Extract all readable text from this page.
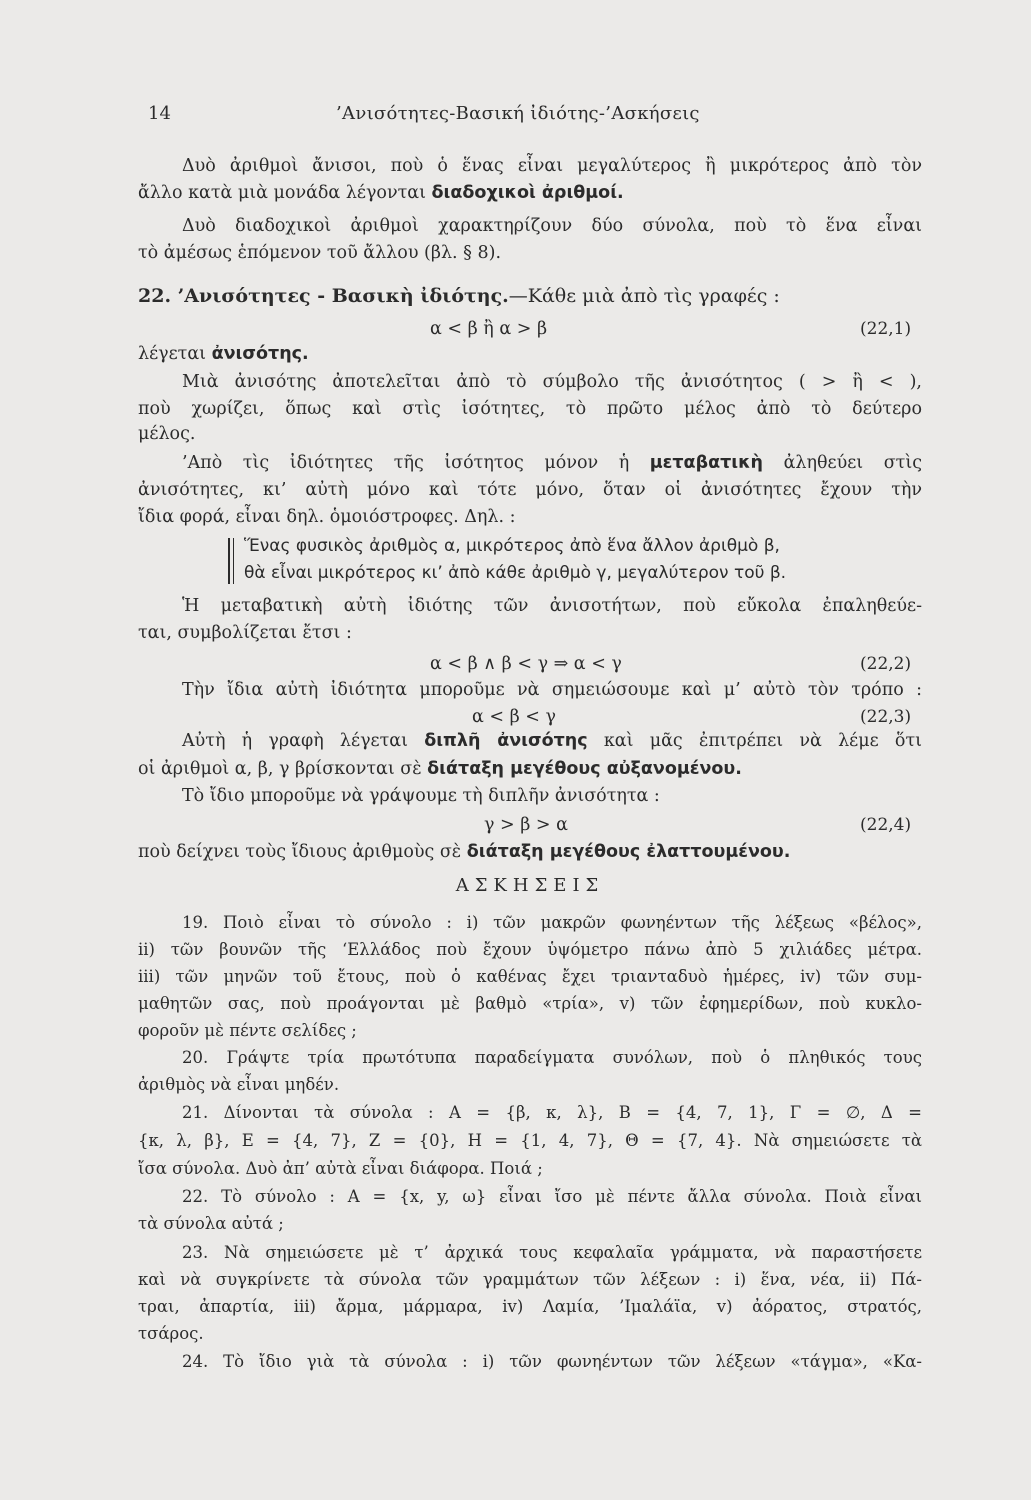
14	’Ανισότητες-Βασική ἰδιότης-’Ασκήσεις
Δυὸ ἀριθμοὶ ἄνισοι, ποὺ ὁ ἕνας εἶναι μεγαλύτερος ἢ μικρότερος ἀπὸ τὸν
ἄλλο κατὰ μιὰ μονάδα λέγονται διαδοχικοὶ ἀριθμοί.
Δυὸ διαδοχικοὶ ἀριθμοὶ χαρακτηρίζουν δύο σύνολα, ποὺ τὸ ἕνα εἶναι
τὸ ἀμέσως ἑπόμενον τοῦ ἄλλου (βλ. § 8).
22. ’Ανισότητες - Βασικὴ ἰδιότης.—Κάθε μιὰ ἀπὸ τὶς γραφές :
α < β ἢ α > β	(22,1)
λέγεται ἀνισότης.
Μιὰ ἀνισότης ἀποτελεῖται ἀπὸ τὸ σύμβολο τῆς ἀνισότητος ( > ἢ < ),
ποὺ χωρίζει, ὅπως καὶ στὶς ἰσότητες, τὸ πρῶτο μέλος ἀπὸ τὸ δεύτερο
μέλος.
’Απὸ τὶς ἰδιότητες τῆς ἰσότητος μόνον ἡ μεταβατικὴ ἀληθεύει στὶς
ἀνισότητες, κι’ αὐτὴ μόνο καὶ τότε μόνο, ὅταν οἱ ἀνισότητες ἔχουν τὴν
ἴδια φορά, εἶναι δηλ. ὁμοιόστροφες. Δηλ. :
Ἕνας φυσικὸς ἀριθμὸς α, μικρότερος ἀπὸ ἕνα ἄλλον ἀριθμὸ β,
θὰ εἶναι μικρότερος κι’ ἀπὸ κάθε ἀριθμὸ γ, μεγαλύτερον τοῦ β.
Ἡ μεταβατικὴ αὐτὴ ἰδιότης τῶν ἀνισοτήτων, ποὺ εὔκολα ἐπαληθεύε-
ται, συμβολίζεται ἔτσι :
α < β ∧ β < γ ⇒ α < γ	(22,2)
Τὴν ἴδια αὐτὴ ἰδιότητα μποροῦμε νὰ σημειώσουμε καὶ μ’ αὐτὸ τὸν τρόπο :
α < β < γ	(22,3)
Αὐτὴ ἡ γραφὴ λέγεται διπλῆ ἀνισότης καὶ μᾶς ἐπιτρέπει νὰ λέμε ὅτι
οἱ ἀριθμοὶ α, β, γ βρίσκονται σὲ διάταξη μεγέθους αὐξανομένου.
Τὸ ἴδιο μποροῦμε νὰ γράψουμε τὴ διπλῆν ἀνισότητα :
γ > β > α	(22,4)
ποὺ δείχνει τοὺς ἴδιους ἀριθμοὺς σὲ διάταξη μεγέθους ἐλαττουμένου.
ΑΣΚΗΣΕΙΣ
19. Ποιὸ εἶναι τὸ σύνολο : i) τῶν μακρῶν φωνηέντων τῆς λέξεως «βέλος»,
ii) τῶν βουνῶν τῆς ‘Ελλάδος ποὺ ἔχουν ὑψόμετρο πάνω ἀπὸ 5 χιλιάδες μέτρα.
iii) τῶν μηνῶν τοῦ ἔτους, ποὺ ὁ καθένας ἔχει τριανταδυὸ ἡμέρες, iv) τῶν συμ-
μαθητῶν σας, ποὺ προάγονται μὲ βαθμὸ «τρία», v) τῶν ἐφημερίδων, ποὺ κυκλο-
φοροῦν μὲ πέντε σελίδες ;
20. Γράψτε τρία πρωτότυπα παραδείγματα συνόλων, ποὺ ὁ πληθικός τους
ἀριθμὸς νὰ εἶναι μηδέν.
21. Δίνονται τὰ σύνολα : Α = {β, κ, λ}, Β = {4, 7, 1}, Γ = ∅, Δ =
{κ, λ, β}, Ε = {4, 7}, Ζ = {0}, Η = {1, 4, 7}, Θ = {7, 4}. Νὰ σημειώσετε τὰ
ἴσα σύνολα. Δυὸ ἀπ’ αὐτὰ εἶναι διάφορα. Ποιά ;
22. Τὸ σύνολο : Α = {x, y, ω} εἶναι ἴσο μὲ πέντε ἄλλα σύνολα. Ποιὰ εἶναι
τὰ σύνολα αὐτά ;
23. Νὰ σημειώσετε μὲ τ’ ἀρχικά τους κεφαλαῖα γράμματα, νὰ παραστήσετε
καὶ νὰ συγκρίνετε τὰ σύνολα τῶν γραμμάτων τῶν λέξεων : i) ἕνα, νέα, ii) Πά-
τραι, ἀπαρτία, iii) ἄρμα, μάρμαρα, iv) Λαμία, ’Ιμαλάϊα, v) ἀόρατος, στρατός,
τσάρος.
24. Τὸ ἴδιο γιὰ τὰ σύνολα : i) τῶν φωνηέντων τῶν λέξεων «τάγμα», «Κα-
